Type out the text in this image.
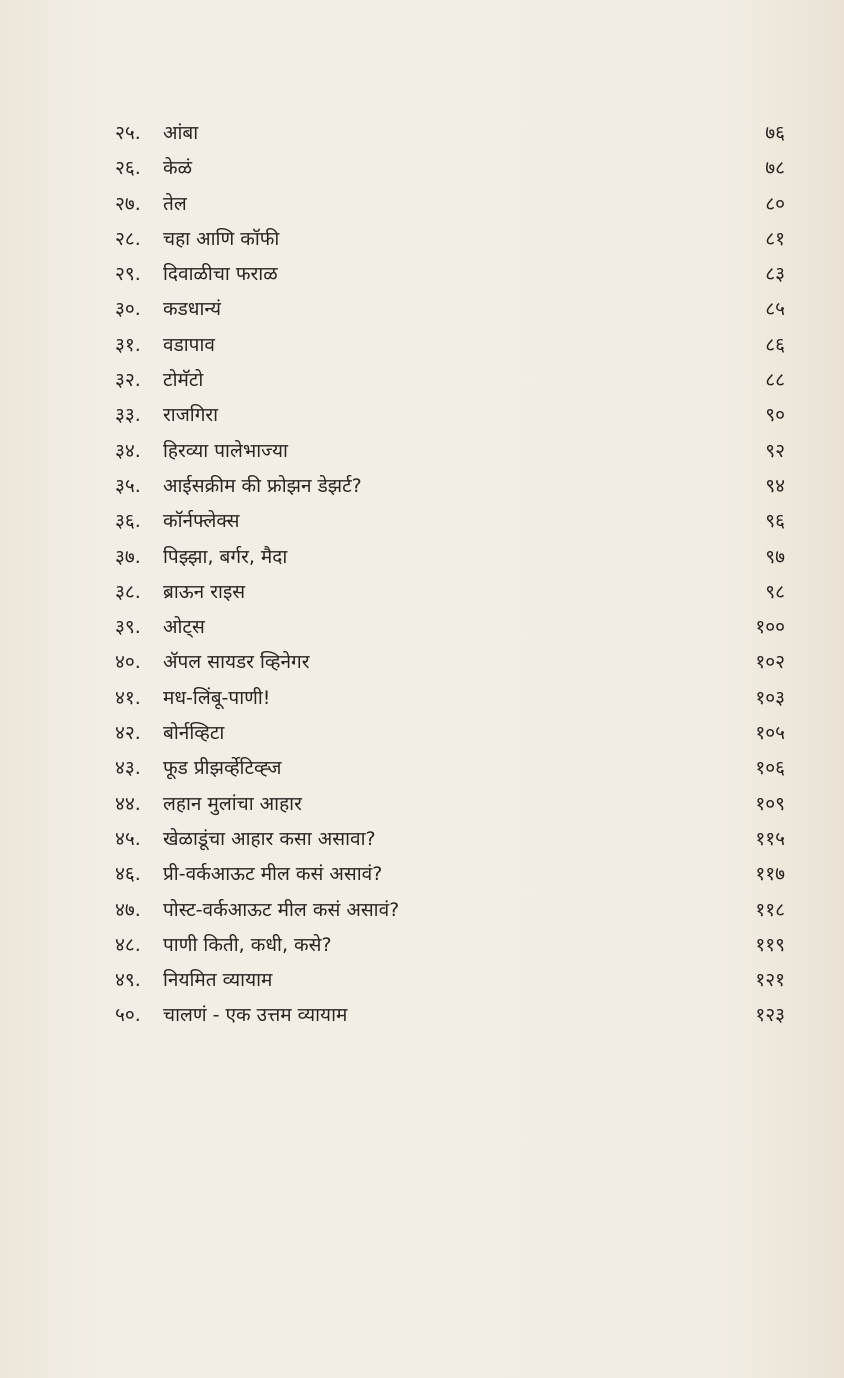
२५.	आंबा	७६
२६.	केळं	७८
२७.	तेल	८०
२८.	चहा आणि कॉफी	८१
२९.	दिवाळीचा फराळ	८३
३०.	कडधान्यं	८५
३१.	वडापाव	८६
३२.	टोमॅटो	८८
३३.	राजगिरा	९०
३४.	हिरव्या पालेभाज्या	९२
३५.	आईसक्रीम की फ्रोझन डेझर्ट?	९४
३६.	कॉर्नफ्लेक्स	९६
३७.	पिझ्झा, बर्गर, मैदा	९७
३८.	ब्राऊन राइस	९८
३९.	ओट्स	१००
४०.	ॲपल सायडर व्हिनेगर	१०२
४१.	मध-लिंबू-पाणी!	१०३
४२.	बोर्नव्हिटा	१०५
४३.	फूड प्रीझर्व्हेटिव्ह्ज	१०६
४४.	लहान मुलांचा आहार	१०९
४५.	खेळाडूंचा आहार कसा असावा?	११५
४६.	प्री-वर्कआऊट मील कसं असावं?	११७
४७.	पोस्ट-वर्कआऊट मील कसं असावं?	११८
४८.	पाणी किती, कधी, कसे?	११९
४९.	नियमित व्यायाम	१२१
५०.	चालणं - एक उत्तम व्यायाम	१२३
